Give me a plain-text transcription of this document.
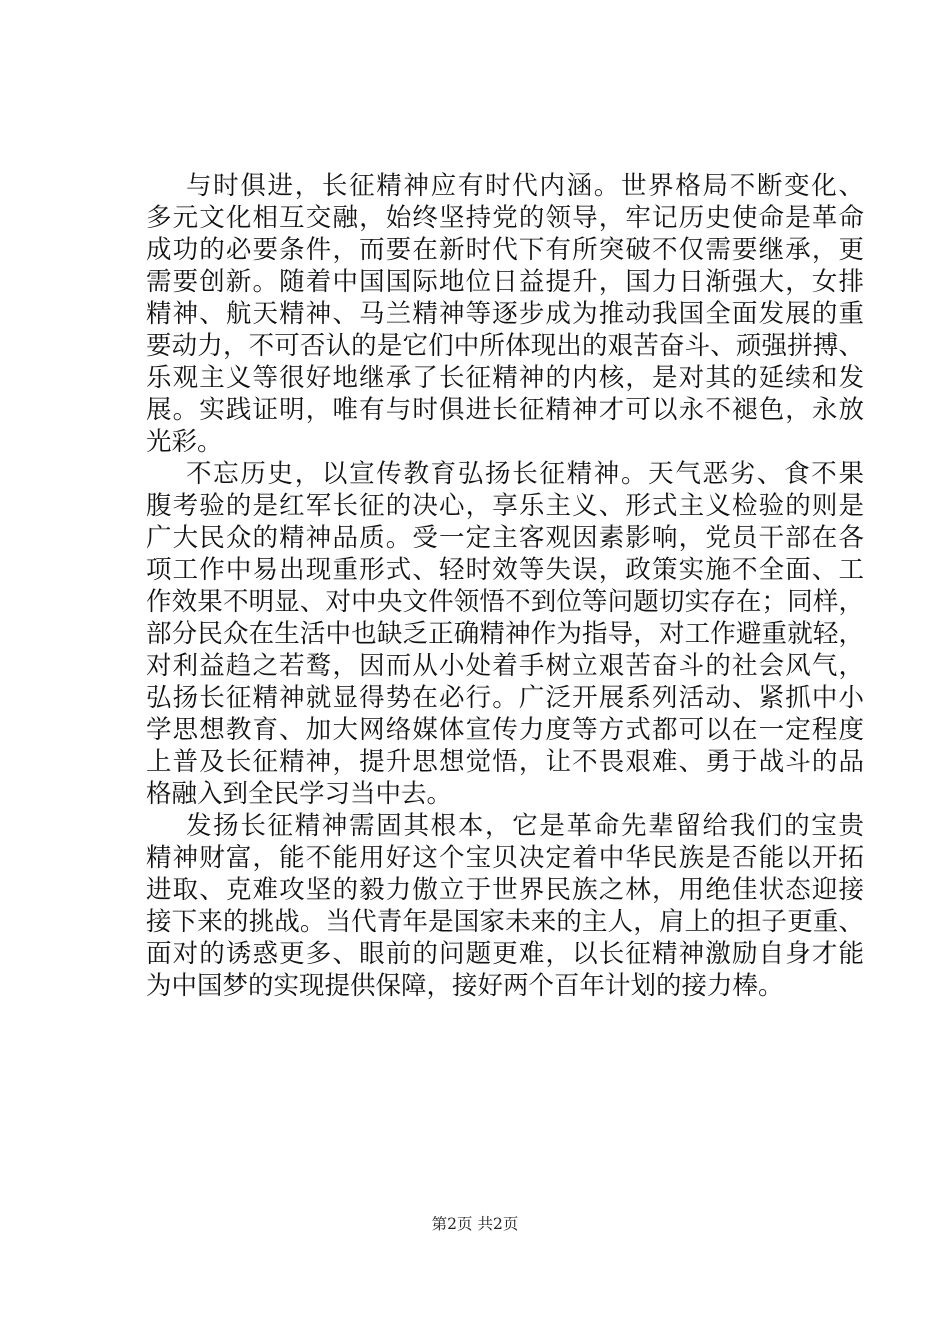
与时俱进，长征精神应有时代内涵。世界格局不断变化、
多元文化相互交融，始终坚持党的领导，牢记历史使命是革命
成功的必要条件，而要在新时代下有所突破不仅需要继承，更
需要创新。随着中国国际地位日益提升，国力日渐强大，女排
精神、航天精神、马兰精神等逐步成为推动我国全面发展的重
要动力，不可否认的是它们中所体现出的艰苦奋斗、顽强拼搏、
乐观主义等很好地继承了长征精神的内核，是对其的延续和发
展。实践证明，唯有与时俱进长征精神才可以永不褪色，永放
光彩。
不忘历史，以宣传教育弘扬长征精神。天气恶劣、食不果
腹考验的是红军长征的决心，享乐主义、形式主义检验的则是
广大民众的精神品质。受一定主客观因素影响，党员干部在各
项工作中易出现重形式、轻时效等失误，政策实施不全面、工
作效果不明显、对中央文件领悟不到位等问题切实存在；同样，
部分民众在生活中也缺乏正确精神作为指导，对工作避重就轻，
对利益趋之若鹜，因而从小处着手树立艰苦奋斗的社会风气，
弘扬长征精神就显得势在必行。广泛开展系列活动、紧抓中小
学思想教育、加大网络媒体宣传力度等方式都可以在一定程度
上普及长征精神，提升思想觉悟，让不畏艰难、勇于战斗的品
格融入到全民学习当中去。
发扬长征精神需固其根本，它是革命先辈留给我们的宝贵
精神财富，能不能用好这个宝贝决定着中华民族是否能以开拓
进取、克难攻坚的毅力傲立于世界民族之林，用绝佳状态迎接
接下来的挑战。当代青年是国家未来的主人，肩上的担子更重、
面对的诱惑更多、眼前的问题更难，以长征精神激励自身才能
为中国梦的实现提供保障，接好两个百年计划的接力棒。
第2页 共2页
